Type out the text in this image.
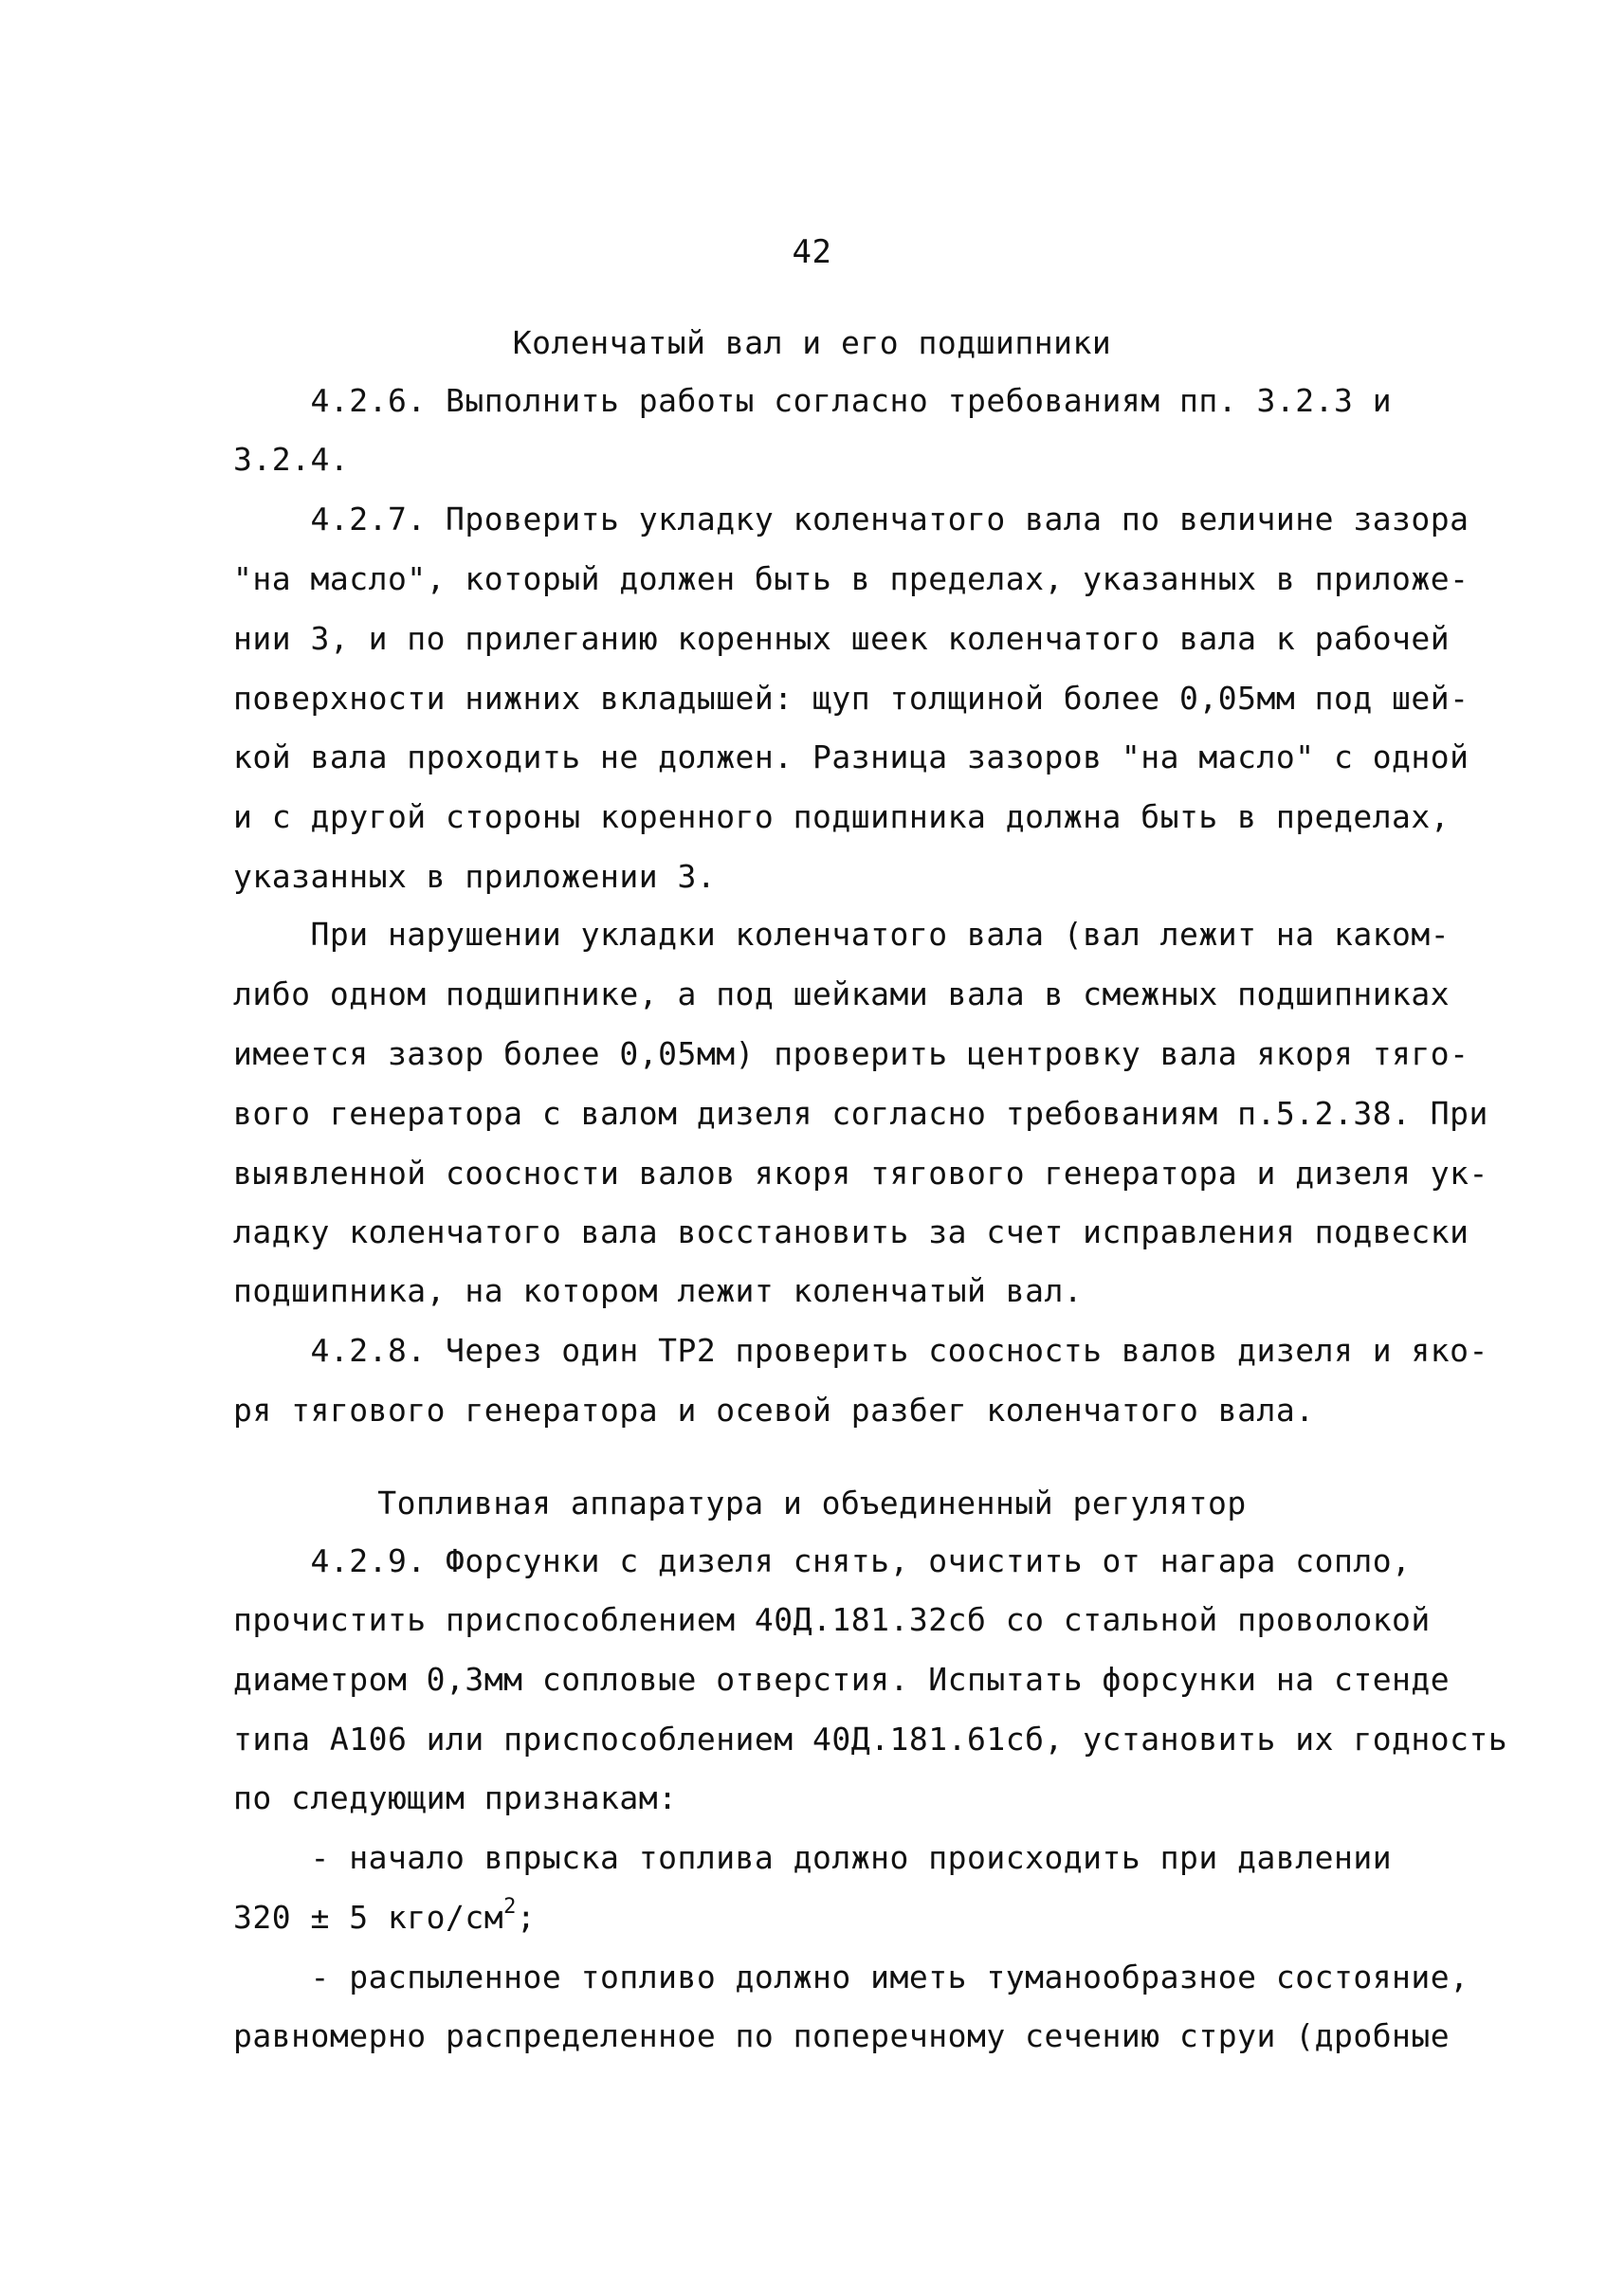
42
Коленчатый вал и его подшипники
4.2.6. Выполнить работы согласно требованиям пп. 3.2.3 и
3.2.4.
4.2.7. Проверить укладку коленчатого вала по величине зазора
"на масло", который должен быть в пределах, указанных в приложе-
нии 3, и по прилеганию коренных шеек коленчатого вала к рабочей
поверхности нижних вкладышей: щуп толщиной более 0,05мм под шей-
кой вала проходить не должен. Разница зазоров "на масло" с одной
и с другой стороны коренного подшипника должна быть в пределах,
указанных в приложении 3.
При нарушении укладки коленчатого вала (вал лежит на каком-
либо одном подшипнике, а под шейками вала в смежных подшипниках
имеется зазор более 0,05мм) проверить центровку вала якоря тяго-
вого генератора с валом дизеля согласно требованиям п.5.2.38. При
выявленной соосности валов якоря тягового генератора и дизеля ук-
ладку коленчатого вала восстановить за счет исправления подвески
подшипника, на котором лежит коленчатый вал.
4.2.8. Через один ТР2 проверить соосность валов дизеля и яко-
ря тягового генератора и осевой разбег коленчатого вала.
Топливная аппаратура и объединенный регулятор
4.2.9. Форсунки с дизеля снять, очистить от нагара сопло,
прочистить приспособлением 40Д.181.32сб со стальной проволокой
диаметром 0,3мм сопловые отверстия. Испытать форсунки на стенде
типа А106 или приспособлением 40Д.181.61сб, установить их годность
по следующим признакам:
- начало впрыска топлива должно происходить при давлении
320 ± 5 кго/$см^2$;
- распыленное топливо должно иметь туманообразное состояние,
равномерно распределенное по поперечному сечению струи (дробные
